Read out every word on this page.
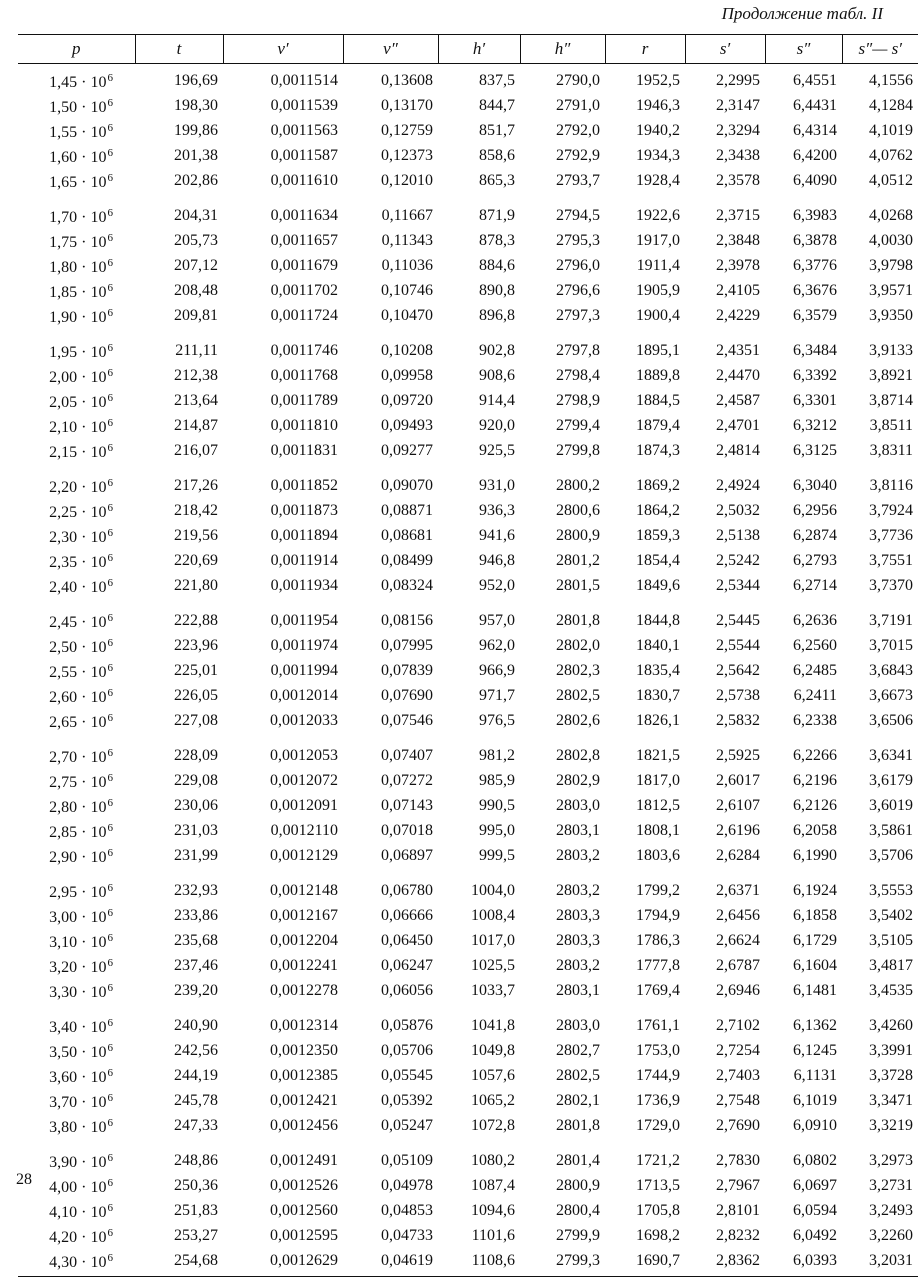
Продолжение табл. II
p	t	v′	v″	h′	h″	r	s′	s″	s″— s′

$1,45 \cdot 10^6$	196,69	0,0011514	0,13608	837,5	2790,0	1952,5	2,2995	6,4551	4,1556
$1,50 \cdot 10^6$	198,30	0,0011539	0,13170	844,7	2791,0	1946,3	2,3147	6,4431	4,1284
$1,55 \cdot 10^6$	199,86	0,0011563	0,12759	851,7	2792,0	1940,2	2,3294	6,4314	4,1019
$1,60 \cdot 10^6$	201,38	0,0011587	0,12373	858,6	2792,9	1934,3	2,3438	6,4200	4,0762
$1,65 \cdot 10^6$	202,86	0,0011610	0,12010	865,3	2793,7	1928,4	2,3578	6,4090	4,0512
$1,70 \cdot 10^6$	204,31	0,0011634	0,11667	871,9	2794,5	1922,6	2,3715	6,3983	4,0268
$1,75 \cdot 10^6$	205,73	0,0011657	0,11343	878,3	2795,3	1917,0	2,3848	6,3878	4,0030
$1,80 \cdot 10^6$	207,12	0,0011679	0,11036	884,6	2796,0	1911,4	2,3978	6,3776	3,9798
$1,85 \cdot 10^6$	208,48	0,0011702	0,10746	890,8	2796,6	1905,9	2,4105	6,3676	3,9571
$1,90 \cdot 10^6$	209,81	0,0011724	0,10470	896,8	2797,3	1900,4	2,4229	6,3579	3,9350
$1,95 \cdot 10^6$	211,11	0,0011746	0,10208	902,8	2797,8	1895,1	2,4351	6,3484	3,9133
$2,00 \cdot 10^6$	212,38	0,0011768	0,09958	908,6	2798,4	1889,8	2,4470	6,3392	3,8921
$2,05 \cdot 10^6$	213,64	0,0011789	0,09720	914,4	2798,9	1884,5	2,4587	6,3301	3,8714
$2,10 \cdot 10^6$	214,87	0,0011810	0,09493	920,0	2799,4	1879,4	2,4701	6,3212	3,8511
$2,15 \cdot 10^6$	216,07	0,0011831	0,09277	925,5	2799,8	1874,3	2,4814	6,3125	3,8311
$2,20 \cdot 10^6$	217,26	0,0011852	0,09070	931,0	2800,2	1869,2	2,4924	6,3040	3,8116
$2,25 \cdot 10^6$	218,42	0,0011873	0,08871	936,3	2800,6	1864,2	2,5032	6,2956	3,7924
$2,30 \cdot 10^6$	219,56	0,0011894	0,08681	941,6	2800,9	1859,3	2,5138	6,2874	3,7736
$2,35 \cdot 10^6$	220,69	0,0011914	0,08499	946,8	2801,2	1854,4	2,5242	6,2793	3,7551
$2,40 \cdot 10^6$	221,80	0,0011934	0,08324	952,0	2801,5	1849,6	2,5344	6,2714	3,7370
$2,45 \cdot 10^6$	222,88	0,0011954	0,08156	957,0	2801,8	1844,8	2,5445	6,2636	3,7191
$2,50 \cdot 10^6$	223,96	0,0011974	0,07995	962,0	2802,0	1840,1	2,5544	6,2560	3,7015
$2,55 \cdot 10^6$	225,01	0,0011994	0,07839	966,9	2802,3	1835,4	2,5642	6,2485	3,6843
$2,60 \cdot 10^6$	226,05	0,0012014	0,07690	971,7	2802,5	1830,7	2,5738	6,2411	3,6673
$2,65 \cdot 10^6$	227,08	0,0012033	0,07546	976,5	2802,6	1826,1	2,5832	6,2338	3,6506
$2,70 \cdot 10^6$	228,09	0,0012053	0,07407	981,2	2802,8	1821,5	2,5925	6,2266	3,6341
$2,75 \cdot 10^6$	229,08	0,0012072	0,07272	985,9	2802,9	1817,0	2,6017	6,2196	3,6179
$2,80 \cdot 10^6$	230,06	0,0012091	0,07143	990,5	2803,0	1812,5	2,6107	6,2126	3,6019
$2,85 \cdot 10^6$	231,03	0,0012110	0,07018	995,0	2803,1	1808,1	2,6196	6,2058	3,5861
$2,90 \cdot 10^6$	231,99	0,0012129	0,06897	999,5	2803,2	1803,6	2,6284	6,1990	3,5706
$2,95 \cdot 10^6$	232,93	0,0012148	0,06780	1004,0	2803,2	1799,2	2,6371	6,1924	3,5553
$3,00 \cdot 10^6$	233,86	0,0012167	0,06666	1008,4	2803,3	1794,9	2,6456	6,1858	3,5402
$3,10 \cdot 10^6$	235,68	0,0012204	0,06450	1017,0	2803,3	1786,3	2,6624	6,1729	3,5105
$3,20 \cdot 10^6$	237,46	0,0012241	0,06247	1025,5	2803,2	1777,8	2,6787	6,1604	3,4817
$3,30 \cdot 10^6$	239,20	0,0012278	0,06056	1033,7	2803,1	1769,4	2,6946	6,1481	3,4535
$3,40 \cdot 10^6$	240,90	0,0012314	0,05876	1041,8	2803,0	1761,1	2,7102	6,1362	3,4260
$3,50 \cdot 10^6$	242,56	0,0012350	0,05706	1049,8	2802,7	1753,0	2,7254	6,1245	3,3991
$3,60 \cdot 10^6$	244,19	0,0012385	0,05545	1057,6	2802,5	1744,9	2,7403	6,1131	3,3728
$3,70 \cdot 10^6$	245,78	0,0012421	0,05392	1065,2	2802,1	1736,9	2,7548	6,1019	3,3471
$3,80 \cdot 10^6$	247,33	0,0012456	0,05247	1072,8	2801,8	1729,0	2,7690	6,0910	3,3219
$3,90 \cdot 10^6$	248,86	0,0012491	0,05109	1080,2	2801,4	1721,2	2,7830	6,0802	3,2973
$4,00 \cdot 10^6$	250,36	0,0012526	0,04978	1087,4	2800,9	1713,5	2,7967	6,0697	3,2731
$4,10 \cdot 10^6$	251,83	0,0012560	0,04853	1094,6	2800,4	1705,8	2,8101	6,0594	3,2493
$4,20 \cdot 10^6$	253,27	0,0012595	0,04733	1101,6	2799,9	1698,2	2,8232	6,0492	3,2260
$4,30 \cdot 10^6$	254,68	0,0012629	0,04619	1108,6	2799,3	1690,7	2,8362	6,0393	3,2031
28
